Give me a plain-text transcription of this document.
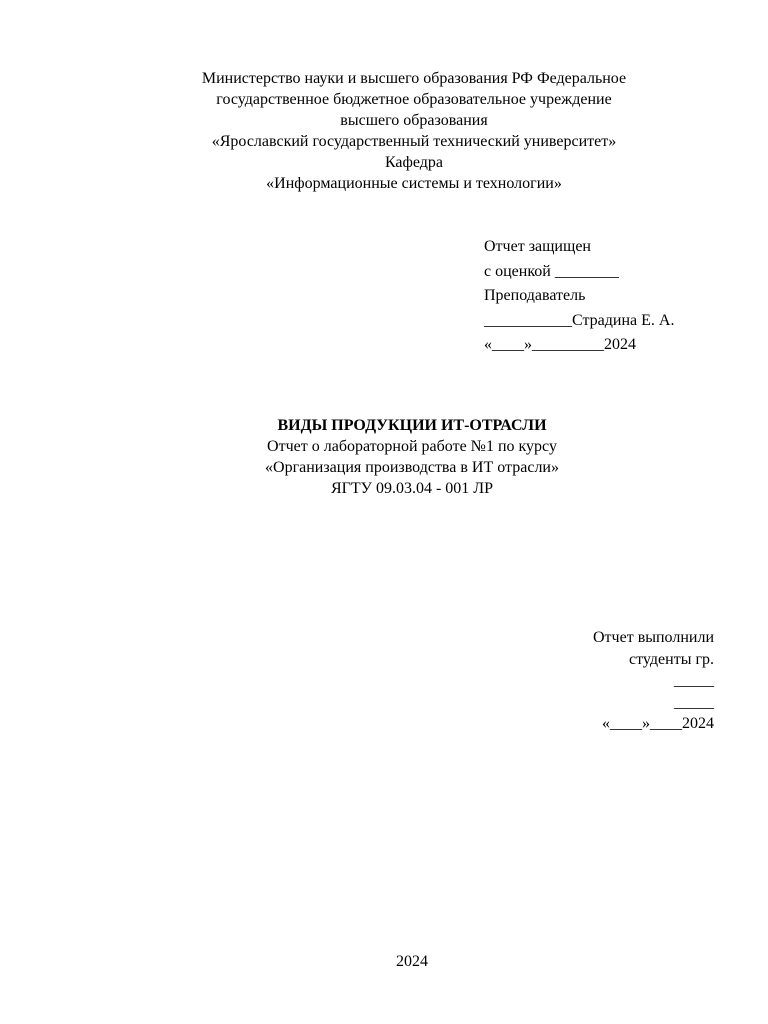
Министерство науки и высшего образования РФ Федеральное
государственное бюджетное образовательное учреждение
высшего образования
«Ярославский государственный технический университет»
Кафедра
«Информационные системы и технологии»
Отчет защищен
с оценкой ________
Преподаватель
___________Страдина Е. А.
«____»_________2024
ВИДЫ ПРОДУКЦИИ ИТ-ОТРАСЛИ
Отчет о лабораторной работе №1 по курсу
«Организация производства в ИТ отрасли»
ЯГТУ 09.03.04 - 001 ЛР
Отчет выполнили
студенты гр.
_____
_____
«____»____2024
2024
